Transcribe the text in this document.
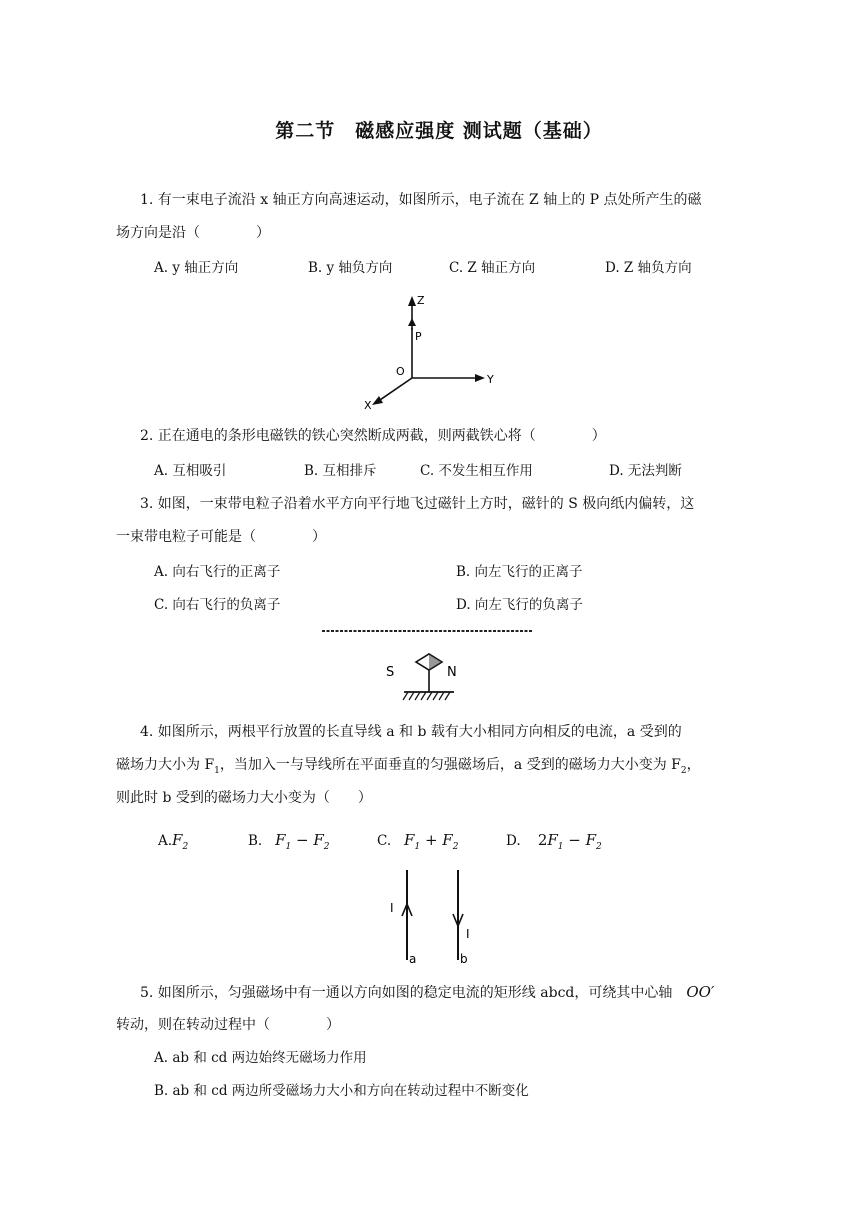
第二节　磁感应强度 测试题（基础）
1. 有一束电子流沿 x 轴正方向高速运动，如图所示，电子流在 Z 轴上的 P 点处所产生的磁
场方向是沿（　　　　）
A. y 轴正方向	B. y 轴负方向	C. Z 轴正方向	D. Z 轴负方向
Z
P
O
Y
X
2. 正在通电的条形电磁铁的铁心突然断成两截，则两截铁心将（　　　　）
A. 互相吸引	B. 互相排斥	C. 不发生相互作用	D. 无法判断
3. 如图，一束带电粒子沿着水平方向平行地飞过磁针上方时，磁针的 S 极向纸内偏转，这
一束带电粒子可能是（　　　　）
A. 向右飞行的正离子	B. 向左飞行的正离子
C. 向右飞行的负离子	D. 向左飞行的负离子
S	N
4. 如图所示，两根平行放置的长直导线 a 和 b 载有大小相同方向相反的电流，a 受到的
磁场力大小为 $F_1$，当加入一与导线所在平面垂直的匀强磁场后，a 受到的磁场力大小变为 $F_2$，
则此时 b 受到的磁场力大小变为（　　）
$A.F_2$	B. $F_1 - F_2$	C. $F_1 + F_2$	D. $2F_1 - F_2$
I
I
a	b
5. 如图所示，匀强磁场中有一通以方向如图的稳定电流的矩形线 abcd，可绕其中心轴 OO′
转动，则在转动过程中（　　　　）
A. ab 和 cd 两边始终无磁场力作用
B. ab 和 cd 两边所受磁场力大小和方向在转动过程中不断变化
